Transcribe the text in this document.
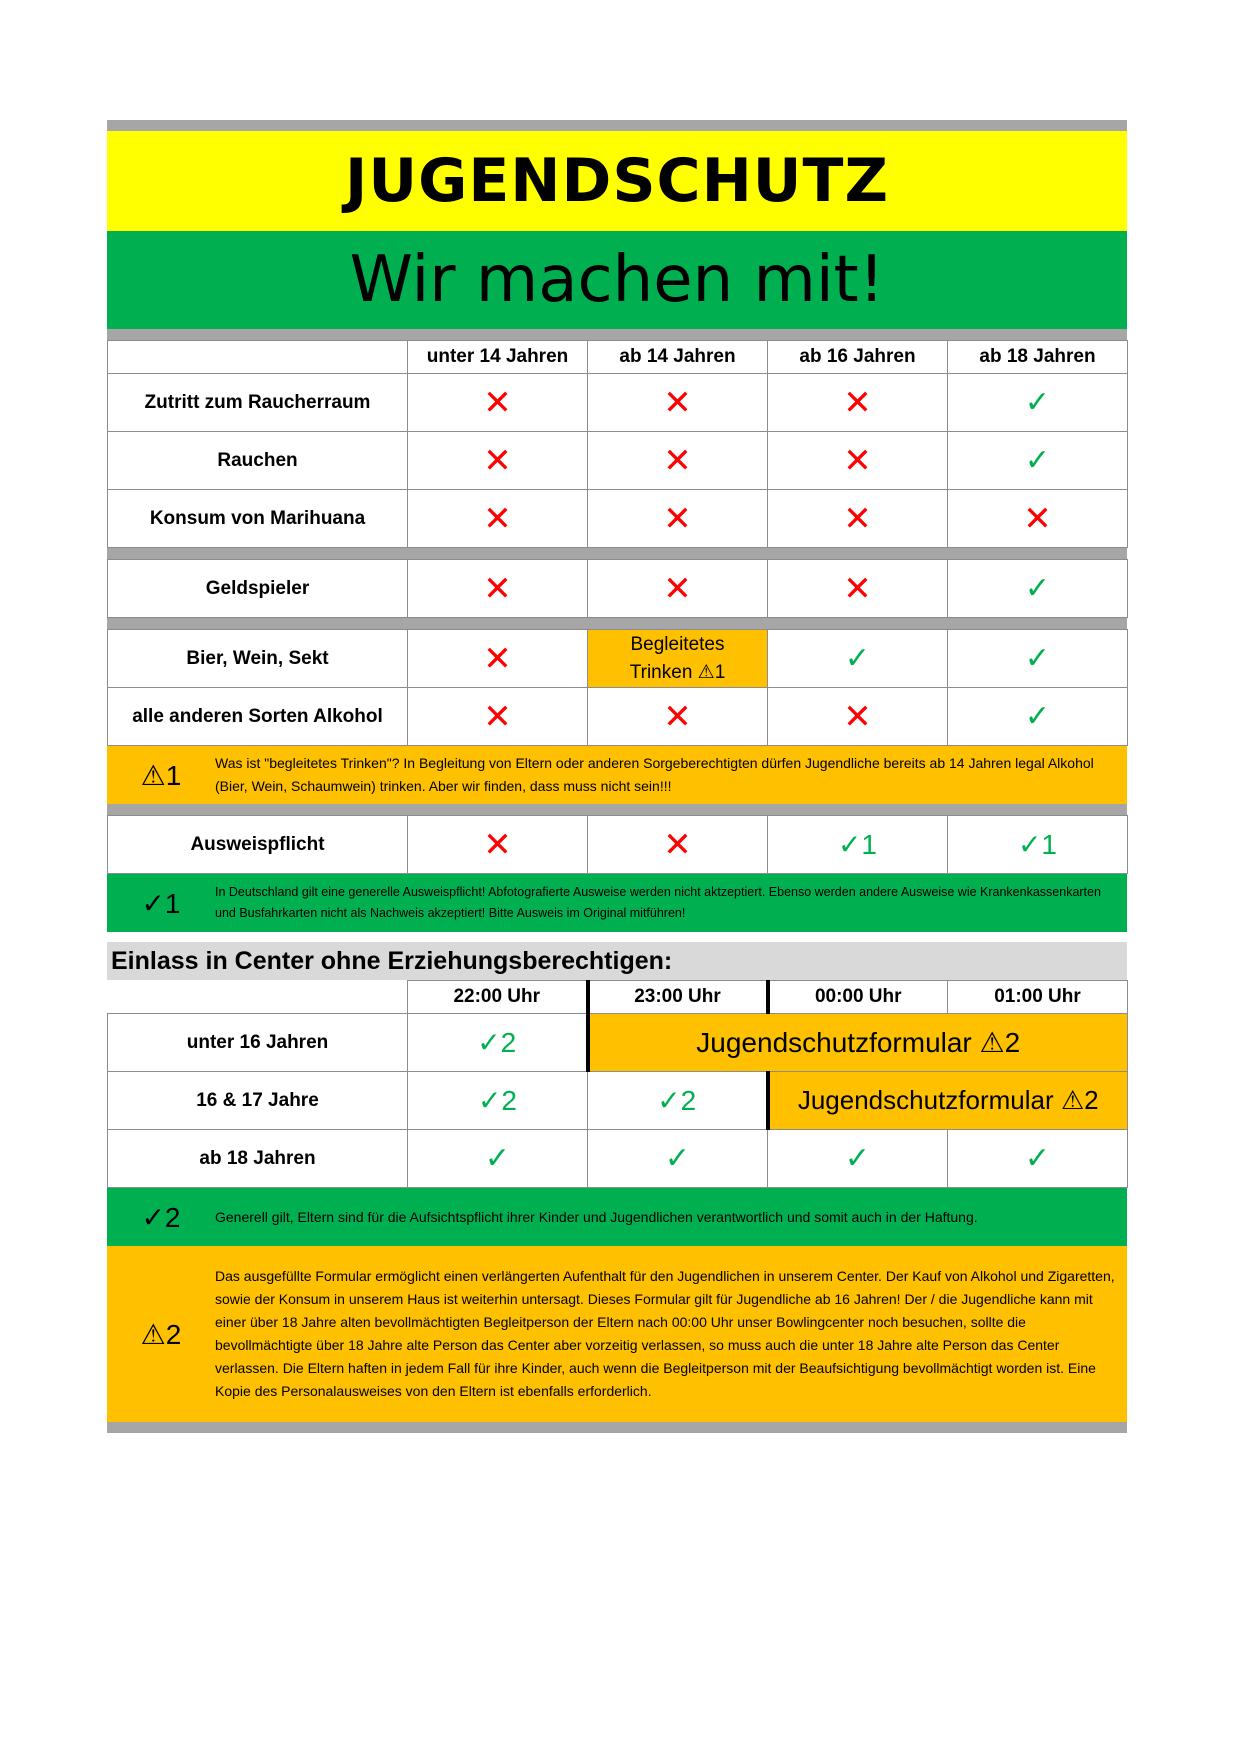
JUGENDSCHUTZ
Wir machen mit!
	unter 14 Jahren	ab 14 Jahren	ab 16 Jahren	ab 18 Jahren
Zutritt zum Raucherraum	✕	✕	✕	✓
Rauchen	✕	✕	✕	✓
Konsum von Marihuana	✕	✕	✕	✕
Geldspieler	✕	✕	✕	✓
Bier, Wein, Sekt	✕	Begleitetes Trinken ⚠1	✓	✓
alle anderen Sorten Alkohol	✕	✕	✕	✓
⚠1	Was ist "begleitetes Trinken"? In Begleitung von Eltern oder anderen Sorgeberechtigten dürfen Jugendliche bereits ab 14 Jahren legal Alkohol (Bier, Wein, Schaumwein) trinken. Aber wir finden, dass muss nicht sein!!!
Ausweispflicht	✕	✕	✓1	✓1
✓1	In Deutschland gilt eine generelle Ausweispflicht! Abfotografierte Ausweise werden nicht aktzeptiert. Ebenso werden andere Ausweise wie Krankenkassenkarten und Busfahrkarten nicht als Nachweis akzeptiert! Bitte Ausweis im Original mitführen!
Einlass in Center ohne Erziehungsberechtigen:
	22:00 Uhr	23:00 Uhr	00:00 Uhr	01:00 Uhr
unter 16 Jahren	✓2	Jugendschutzformular ⚠2		
16 & 17 Jahre	✓2	✓2	Jugendschutzformular ⚠2	
ab 18 Jahren	✓	✓	✓	✓
✓2	Generell gilt, Eltern sind für die Aufsichtspflicht ihrer Kinder und Jugendlichen verantwortlich und somit auch in der Haftung.
⚠2
Das ausgefüllte Formular ermöglicht einen verlängerten Aufenthalt für den Jugendlichen in unserem Center. Der Kauf von Alkohol und Zigaretten, sowie der Konsum in unserem Haus ist weiterhin untersagt. Dieses Formular gilt für Jugendliche ab 16 Jahren! Der / die Jugendliche kann mit einer über 18 Jahre alten bevollmächtigten Begleitperson der Eltern nach 00:00 Uhr unser Bowlingcenter noch besuchen, sollte die bevollmächtigte über 18 Jahre alte Person das Center aber vorzeitig verlassen, so muss auch die unter 18 Jahre alte Person das Center verlassen. Die Eltern haften in jedem Fall für ihre Kinder, auch wenn die Begleitperson mit der Beaufsichtigung bevollmächtigt worden ist. Eine Kopie des Personalausweises von den Eltern ist ebenfalls erforderlich.
